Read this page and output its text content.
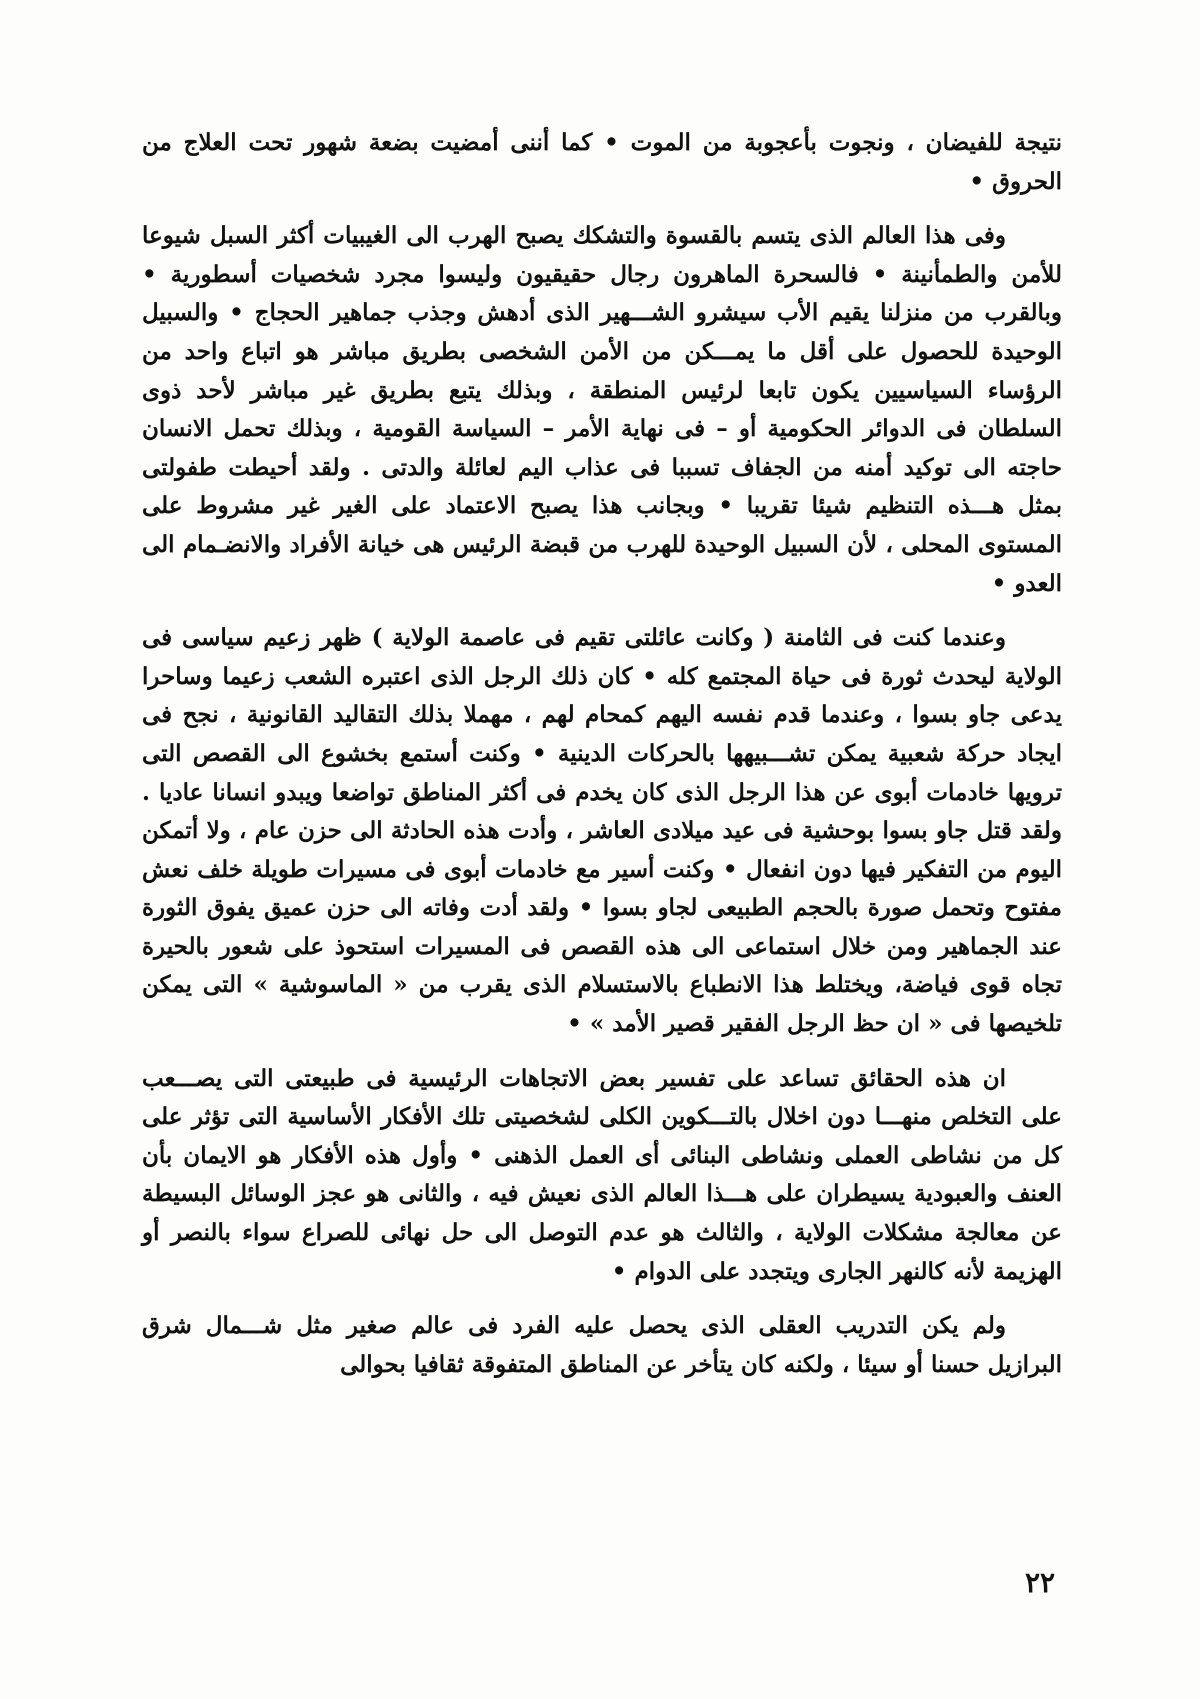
نتيجة للفيضان ، ونجوت بأعجوبة من الموت • كما أننى أمضيت بضعة شهور تحت العلاج من الحروق •

وفى هذا العالم الذى يتسم بالقسوة والتشكك يصبح الهرب الى الغيبيات أكثر السبل شيوعا للأمن والطمأنينة • فالسحرة الماهرون رجال حقيقيون وليسوا مجرد شخصيات أسطورية • وبالقرب من منزلنا يقيم الأب سيشرو الشـــهير الذى أدهش وجذب جماهير الحجاج • والسبيل الوحيدة للحصول على أقل ما يمـــكن من الأمن الشخصى بطريق مباشر هو اتباع واحد من الرؤساء السياسيين يكون تابعا لرئيس المنطقة ، وبذلك يتبع بطريق غير مباشر لأحد ذوى السلطان فى الدوائر الحكومية أو – فى نهاية الأمر – السياسة القومية ، وبذلك تحمل الانسان حاجته الى توكيد أمنه من الجفاف تسببا فى عذاب اليم لعائلة والدتى . ولقد أحيطت طفولتى بمثل هـــذه التنظيم شيئا تقريبا • وبجانب هذا يصبح الاعتماد على الغير غير مشروط على المستوى المحلى ، لأن السبيل الوحيدة للهرب من قبضة الرئيس هى خيانة الأفراد والانضـمام الى العدو •

وعندما كنت فى الثامنة ( وكانت عائلتى تقيم فى عاصمة الولاية ) ظهر زعيم سياسى فى الولاية ليحدث ثورة فى حياة المجتمع كله • كان ذلك الرجل الذى اعتبره الشعب زعيما وساحرا يدعى جاو بسوا ، وعندما قدم نفسه اليهم كمحام لهم ، مهملا بذلك التقاليد القانونية ، نجح فى ايجاد حركة شعبية يمكن تشـــبيهها بالحركات الدينية • وكنت أستمع بخشوع الى القصص التى ترويها خادمات أبوى عن هذا الرجل الذى كان يخدم فى أكثر المناطق تواضعا ويبدو انسانا عاديا . ولقد قتل جاو بسوا بوحشية فى عيد ميلادى العاشر ، وأدت هذه الحادثة الى حزن عام ، ولا أتمكن اليوم من التفكير فيها دون انفعال • وكنت أسير مع خادمات أبوى فى مسيرات طويلة خلف نعش مفتوح وتحمل صورة بالحجم الطبيعى لجاو بسوا • ولقد أدت وفاته الى حزن عميق يفوق الثورة عند الجماهير ومن خلال استماعى الى هذه القصص فى المسيرات استحوذ على شعور بالحيرة تجاه قوى فياضة، ويختلط هذا الانطباع بالاستسلام الذى يقرب من « الماسوشية » التى يمكن تلخيصها فى « ان حظ الرجل الفقير قصير الأمد » •

ان هذه الحقائق تساعد على تفسير بعض الاتجاهات الرئيسية فى طبيعتى التى يصـــعب على التخلص منهـــا دون اخلال بالتـــكوين الكلى لشخصيتى تلك الأفكار الأساسية التى تؤثر على كل من نشاطى العملى ونشاطى البنائى أى العمل الذهنى • وأول هذه الأفكار هو الايمان بأن العنف والعبودية يسيطران على هـــذا العالم الذى نعيش فيه ، والثانى هو عجز الوسائل البسيطة عن معالجة مشكلات الولاية ، والثالث هو عدم التوصل الى حل نهائى للصراع سواء بالنصر أو الهزيمة لأنه كالنهر الجارى ويتجدد على الدوام •

ولم يكن التدريب العقلى الذى يحصل عليه الفرد فى عالم صغير مثل شـــمال شرق البرازيل حسنا أو سيئا ، ولكنه كان يتأخر عن المناطق المتفوقة ثقافيا بحوالى

٢٢
